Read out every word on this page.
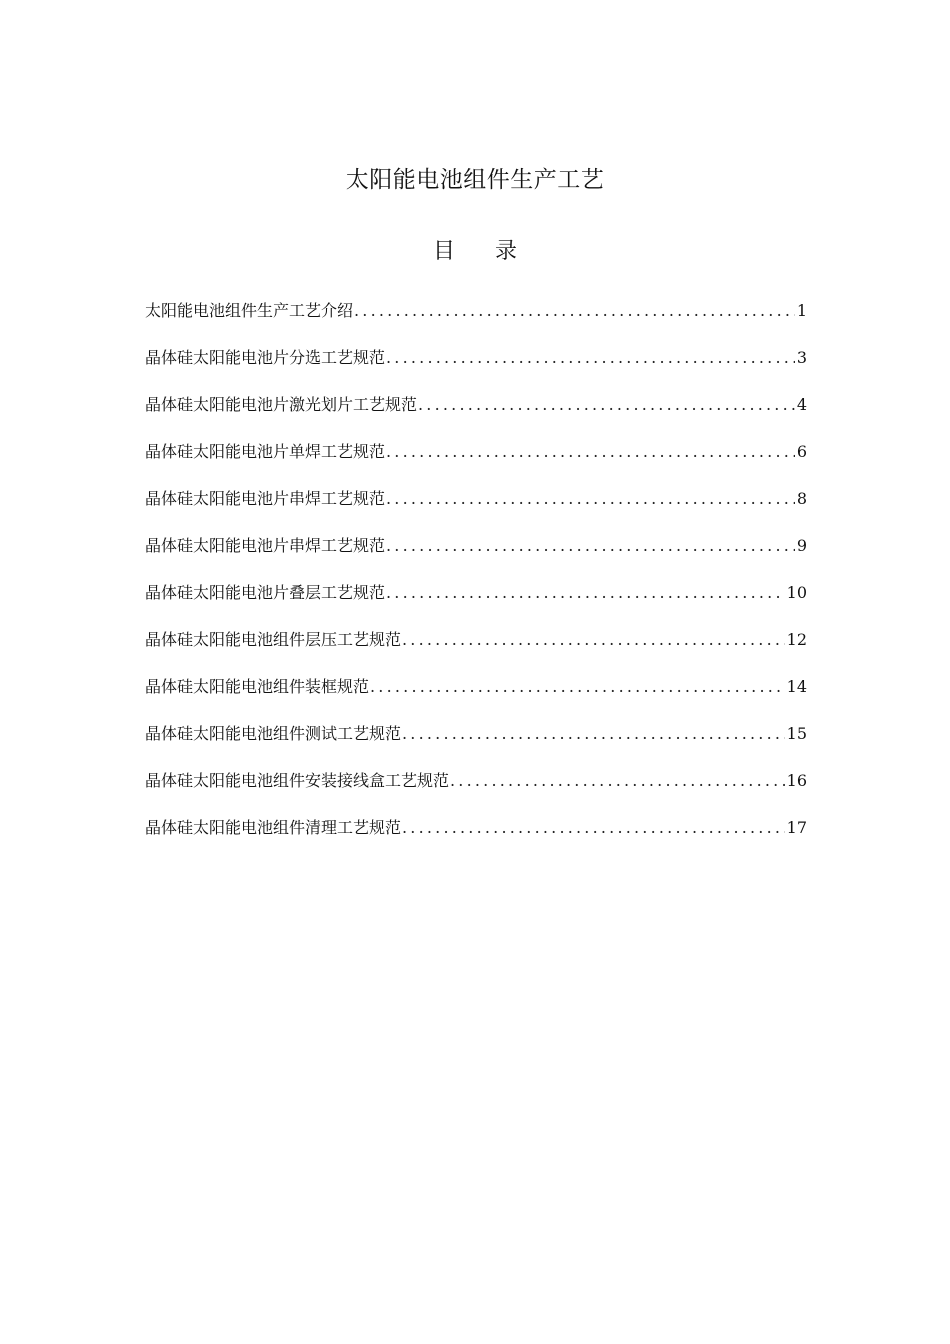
太阳能电池组件生产工艺
目 录
太阳能电池组件生产工艺介绍 .....	1
晶体硅太阳能电池片分选工艺规范 .....	3
晶体硅太阳能电池片激光划片工艺规范 .....	4
晶体硅太阳能电池片单焊工艺规范 .....	6
晶体硅太阳能电池片串焊工艺规范 .....	8
晶体硅太阳能电池片串焊工艺规范 .....	9
晶体硅太阳能电池片叠层工艺规范 .....	10
晶体硅太阳能电池组件层压工艺规范 .....	12
晶体硅太阳能电池组件装框规范 .....	14
晶体硅太阳能电池组件测试工艺规范 .....	15
晶体硅太阳能电池组件安装接线盒工艺规范 .....	16
晶体硅太阳能电池组件清理工艺规范 .....	17
